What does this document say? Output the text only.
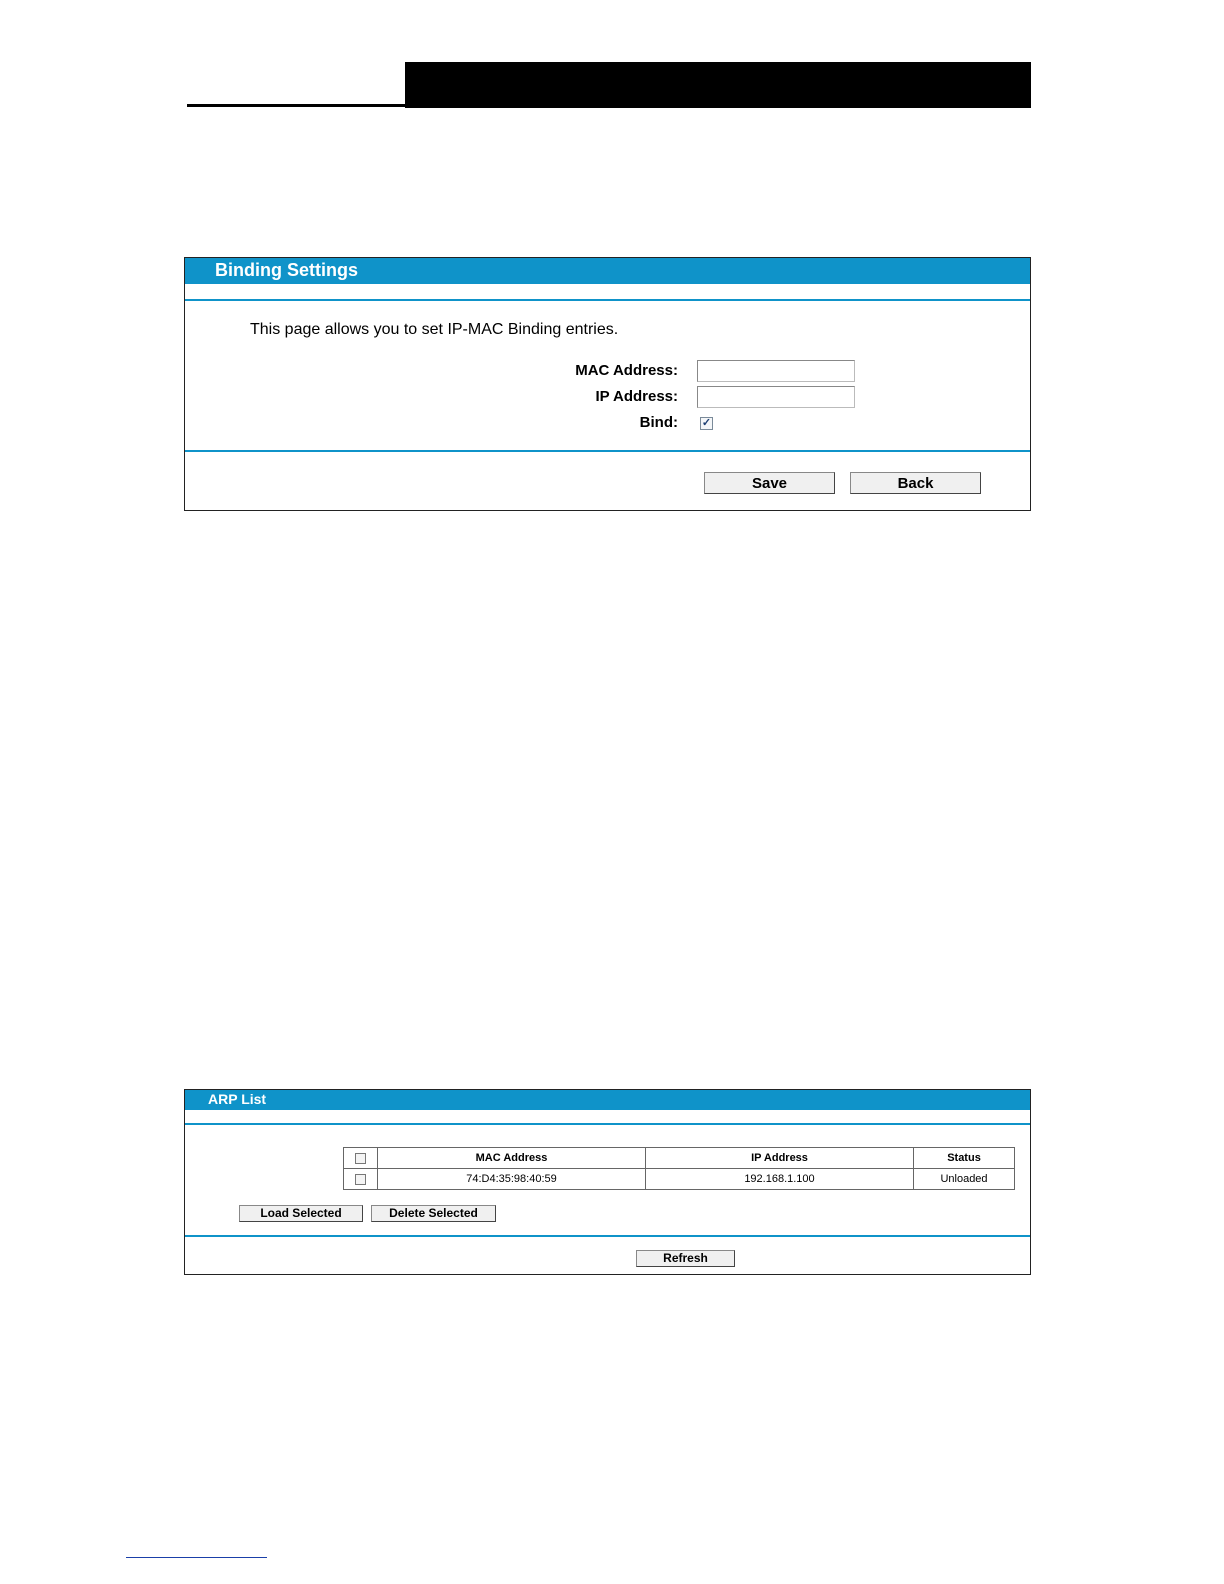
Binding Settings
This page allows you to set IP-MAC Binding entries.
MAC Address:
IP Address:
Bind: ✓
Save	Back
ARP List
	MAC Address	IP Address	Status
	74:D4:35:98:40:59	192.168.1.100	Unloaded
Load Selected	Delete Selected
Refresh
